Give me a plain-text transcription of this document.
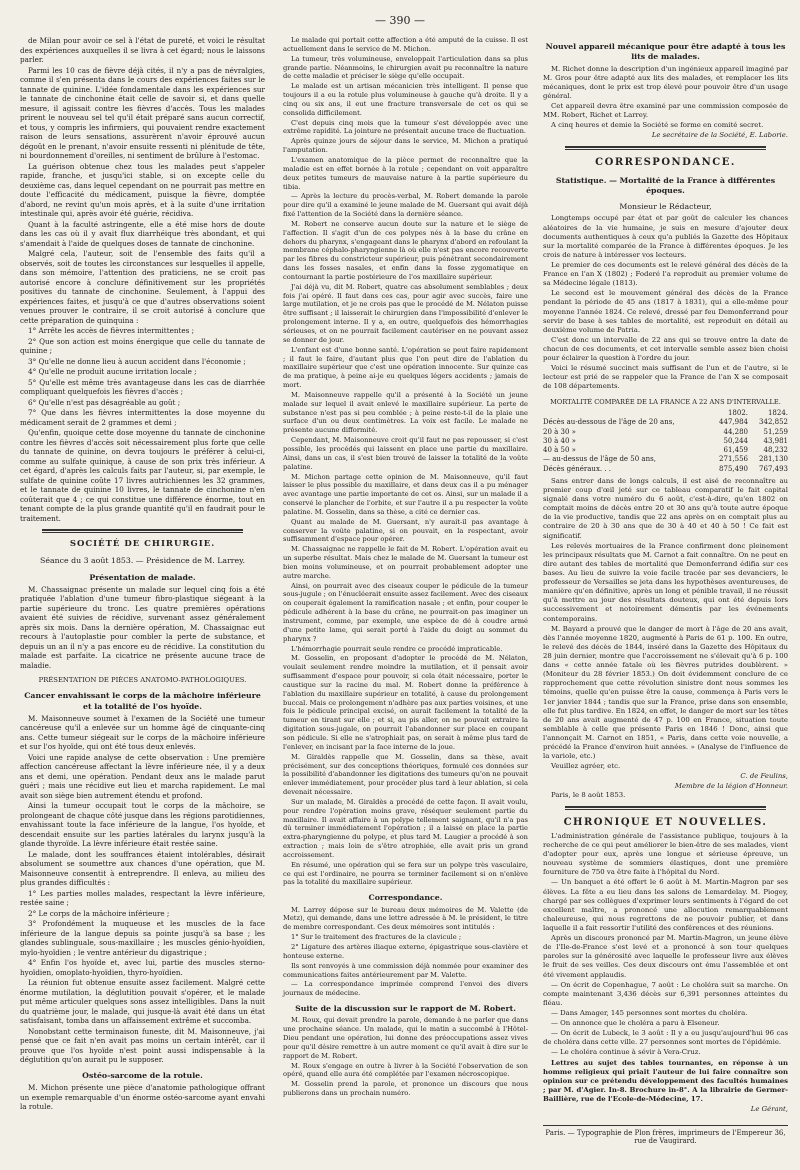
— 390 —

de Milan pour avoir ce sel à l'état de pureté, et voici le résultat des expériences auxquelles il se livra à cet égard; nous le laissons parler.

Parmi les 10 cas de fièvre déjà cités, il n'y a pas de névralgies, comme il s'en présenta dans le cours des expériences faites sur le tannate de quinine. L'idée fondamentale dans les expériences sur le tannate de cinchonine était celle de savoir si, et dans quelle mesure, il agissait contre les fièvres d'accès. Tous les malades prirent le nouveau sel tel qu'il était préparé sans aucun correctif, et tous, y compris les infirmiers, qui pouvaient rendre exactement raison de leurs sensations, assurèrent n'avoir éprouvé aucun dégoût en le prenant, n'avoir ensuite ressenti ni plénitude de tête, ni bourdonnement d'oreilles, ni sentiment de brûlure à l'estomac.

La guérison obtenue chez tous les malades peut s'appeler rapide, franche, et jusqu'ici stable, si on excepte celle du deuxième cas, dans lequel cependant on ne pourrait pas mettre en doute l'efficacité du médicament, puisque la fièvre, domptée d'abord, ne revint qu'un mois après, et à la suite d'une irritation intestinale qui, après avoir été guérie, récidiva.

Quant à la faculté astringente, elle a été mise hors de doute dans les cas où il y avait flux diarrhéique très abondant, et qui s'amendait à l'aide de quelques doses de tannate de cinchonine.

Malgré cela, l'auteur, soit de l'ensemble des faits qu'il a observés, soit de toutes les circonstances sur lesquelles il appelle, dans son mémoire, l'attention des praticiens, ne se croit pas autorisé encore à conclure définitivement sur les propriétés positives du tannate de cinchonine. Seulement, à l'appui des expériences faites, et jusqu'à ce que d'autres observations soient venues prouver le contraire, il se croit autorisé à conclure que cette préparation de quinquina :

1° Arrête les accès de fièvres intermittentes ;

2° Que son action est moins énergique que celle du tannate de quinine ;

3° Qu'elle ne donne lieu à aucun accident dans l'économie ;

4° Qu'elle ne produit aucune irritation locale ;

5° Qu'elle est même très avantageuse dans les cas de diarrhée compliquant quelquefois les fièvres d'accès ;

6° Qu'elle n'est pas désagréable au goût ;

7° Que dans les fièvres intermittentes la dose moyenne du médicament serait de 2 grammes et demi ;

Qu'enfin, quoique cette dose moyenne du tannate de cinchonine contre les fièvres d'accès soit nécessairement plus forte que celle du tannate de quinine, on devra toujours le préférer à celui-ci, comme au sulfate quinique, à cause de son prix très inférieur. A cet égard, d'après les calculs faits par l'auteur, si, par exemple, le sulfate de quinine coûte 17 livres autrichiennes les 32 grammes, et le tannate de quinine 10 livres, le tannate de cinchonine n'en coûterait que 4 ; ce qui constitue une différence énorme, tout en tenant compte de la plus grande quantité qu'il en faudrait pour le traitement.

SOCIÉTÉ DE CHIRURGIE.
Séance du 3 août 1853. — Présidence de M. Larrey.
Présentation de malade.

M. Chassaignac présente un malade sur lequel cinq fois a été pratiquée l'ablation d'une tumeur fibro-plastique siégeant à la partie supérieure du tronc. Les quatre premières opérations avaient été suivies de récidive, survenant assez généralement après six mois. Dans la dernière opération, M. Chassaignac eut recours à l'autoplastie pour combler la perte de substance, et depuis un an il n'y a pas encore eu de récidive. La constitution du malade est parfaite. La cicatrice ne présente aucune trace de maladie.

PRÉSENTATION DE PIÈCES ANATOMO-PATHOLOGIQUES.
Cancer envahissant le corps de la mâchoire inférieure et la totalité de l'os hyoïde.

M. Maisonneuve soumet à l'examen de la Société une tumeur cancéreuse qu'il a enlevée sur un homme âgé de cinquante-cinq ans. Cette tumeur siégeait sur le corps de la mâchoire inférieure et sur l'os hyoïde, qui ont été tous deux enlevés.

Voici une rapide analyse de cette observation : Une première affection cancéreuse affectant la lèvre inférieure née, il y a deux ans et demi, une opération. Pendant deux ans le malade parut guéri ; mais une récidive eut lieu et marcha rapidement. Le mal avait son siège bien autrement étendu et profond.

Ainsi la tumeur occupait tout le corps de la mâchoire, se prolongeant de chaque côté jusque dans les régions parotidiennes, envahissant toute la face inférieure de la langue, l'os hyoïde, et descendait ensuite sur les parties latérales du larynx jusqu'à la glande thyroïde. La lèvre inférieure était restée saine.

Le malade, dont les souffrances étaient intolérables, désirait absolument se soumettre aux chances d'une opération, que M. Maisonneuve consentit à entreprendre. Il enleva, au milieu des plus grandes difficultés :

1° Les parties molles malades, respectant la lèvre inférieure, restée saine ;

2° Le corps de la mâchoire inférieure ;

3° Profondément la muqueuse et les muscles de la face inférieure de la langue depuis sa pointe jusqu'à sa base ; les glandes sublinguale, sous-maxillaire ; les muscles génio-hyoïdien, mylo-hyoïdien ; le ventre antérieur du digastrique ;

4° Enfin l'os hyoïde et, avec lui, partie des muscles sterno-hyoïdien, omoplato-hyoïdien, thyro-hyoïdien.

La réunion fut obtenue ensuite assez facilement. Malgré cette énorme mutilation, la déglutition pouvait s'opérer, et le malade put même articuler quelques sons assez intelligibles. Dans la nuit du quatrième jour, le malade, qui jusque-là avait été dans un état satisfaisant, tomba dans un affaissement extrême et succomba.

Nonobstant cette terminaison funeste, dit M. Maisonneuve, j'ai pensé que ce fait n'en avait pas moins un certain intérêt, car il prouve que l'os hyoïde n'est point aussi indispensable à la déglutition qu'on aurait pu le supposer.

Ostéo-sarcome de la rotule.

M. Michon présente une pièce d'anatomie pathologique offrant un exemple remarquable d'un énorme ostéo-sarcome ayant envahi la rotule.

Le malade qui portait cette affection a été amputé de la cuisse. Il est actuellement dans le service de M. Michon.

La tumeur, très volumineuse, enveloppait l'articulation dans sa plus grande partie. Néanmoins, le chirurgien avait pu reconnaître la nature de cette maladie et préciser le siège qu'elle occupait.

Le malade est un artisan mécanicien très intelligent. Il pense que toujours il a eu la rotule plus volumineuse à gauche qu'à droite. Il y a cinq ou six ans, il eut une fracture transversale de cet os qui se consolida difficilement.

C'est depuis cinq mois que la tumeur s'est développée avec une extrême rapidité. La jointure ne présentait aucune trace de fluctuation.

Après quinze jours de séjour dans le service, M. Michon a pratiqué l'amputation.

L'examen anatomique de la pièce permet de reconnaître que la maladie est en effet bornée à la rotule ; cependant on voit apparaître deux petites tumeurs de mauvaise nature à la partie supérieure du tibia.

— Après la lecture du procès-verbal, M. Robert demande la parole pour dire qu'il a examiné le jeune malade de M. Guersant qui avait déjà fixé l'attention de la Société dans la dernière séance.

M. Robert ne conserve aucun doute sur la nature et le siège de l'affection. Il s'agit d'un de ces polypes nés à la base du crâne en dehors du pharynx, s'engageant dans le pharynx d'abord en refoulant la membrane céphalo-pharyngienne là où elle n'est pas encore recouverte par les fibres du constricteur supérieur, puis pénétrant secondairement dans les fosses nasales, et enfin dans la fosse zygomatique en contournant la partie postérieure de l'os maxillaire supérieur.

J'ai déjà vu, dit M. Robert, quatre cas absolument semblables ; deux fois j'ai opéré. Il faut dans ces cas, pour agir avec succès, faire une large mutilation, et je ne crois pas que le procédé de M. Nélaton puisse être suffisant ; il laisserait le chirurgien dans l'impossibilité d'enlever le prolongement interne. Il y a, en outre, quelquefois des hémorrhagies sérieuses, et on ne pourrait facilement cautériser en ne pouvant assez se donner de jour.

L'enfant est d'une bonne santé. L'opération se peut faire rapidement ; il faut le faire, d'autant plus que l'on peut dire de l'ablation du maxillaire supérieur que c'est une opération innocente. Sur quinze cas de ma pratique, à peine ai-je eu quelques légers accidents ; jamais de mort.

M. Maisonneuve rappelle qu'il a présenté à la Société un jeune malade sur lequel il avait enlevé le maxillaire supérieur. La perte de substance n'est pas si peu comblée ; à peine reste-t-il de la plaie une surface d'un ou deux centimètres. La voix est facile. Le malade ne présente aucune difformité.

Cependant, M. Maisonneuve croit qu'il faut ne pas repousser, si c'est possible, les procédés qui laissent en place une partie du maxillaire. Ainsi, dans un cas, il s'est bien trouvé de laisser la totalité de la voûte palatine.

M. Michon partage cette opinion de M. Maisonneuve, qu'il faut laisser le plus possible du maxillaire, et dans deux cas il a pu ménager avec avantage une partie importante de cet os. Ainsi, sur un malade il a conservé le plancher de l'orbite, et sur l'autre il a pu respecter la voûte palatine. M. Gosselin, dans sa thèse, a cité ce dernier cas.

Quant au malade de M. Guersant, n'y aurait-il pas avantage à conserver la voûte palatine, si on pouvait, en la respectant, avoir suffisamment d'espace pour opérer.

M. Chassaignac ne rappelle le fait de M. Robert. L'opération avait eu un superbe résultat. Mais chez le malade de M. Guersant la tumeur est bien moins volumineuse, et on pourrait probablement adopter une autre marche.

Ainsi, on pourrait avec des ciseaux couper le pédicule de la tumeur sous-jugule ; on l'énucléerait ensuite assez facilement. Avec des ciseaux on couperait également la ramification nasale ; et enfin, pour couper le pédicule adhérent à la base du crâne, ne pourrait-on pas imaginer un instrument, comme, par exemple, une espèce de dé à coudre armé d'une petite lame, qui serait porté à l'aide du doigt au sommet du pharynx ?

L'hémorrhagie pourrait seule rendre ce procédé impraticable.

M. Gosselin, en proposant d'adopter le procédé de M. Nélaton, voulait seulement rendre moindre la mutilation, et il pensait avoir suffisamment d'espace pour pouvoir, si cela était nécessaire, porter le caustique sur la racine du mal. M. Robert donne la préférence à l'ablation du maxillaire supérieur en totalité, à cause du prolongement buccal. Mais ce prolongement n'adhère pas aux parties voisines, et une fois le pédicule principal excisé, on aurait facilement la totalité de la tumeur en tirant sur elle ; et si, au pis aller, on ne pouvait extraire la digitation sous-jugale, on pourrait l'abandonner sur place en coupant son pédicule. Si elle ne s'atrophiait pas, on serait à même plus tard de l'enlever, en incisant par la face interne de la joue.

M. Giraldès rappelle que M. Gosselin, dans sa thèse, avait précisément, sur des conceptions théoriques, formulé ces données sur la possibilité d'abandonner les digitations des tumeurs qu'on ne pouvait enlever immédiatement, pour procéder plus tard à leur ablation, si cela devenait nécessaire.

Sur un malade, M. Giraldès a procédé de cette façon. Il avait voulu, pour rendre l'opération moins grave, réséquer seulement partie du maxillaire. Il avait affaire à un polype tellement saignant, qu'il n'a pas dû terminer immédiatement l'opération ; il a laissé en place la partie extra-pharyngienne du polype, et plus tard M. Laugier a procédé à son extraction ; mais loin de s'être atrophiée, elle avait pris un grand accroissement.

En résumé, une opération qui se fera sur un polype très vasculaire, ce qui est l'ordinaire, ne pourra se terminer facilement si on n'enlève pas la totalité du maxillaire supérieur.

Correspondance.

M. Larrey dépose sur le bureau deux mémoires de M. Valette (de Metz), qui demande, dans une lettre adressée à M. le président, le titre de membre correspondant. Ces deux mémoires sont intitulés :

1° Sur le traitement des fractures de la clavicule ;

2° Ligature des artères iliaque externe, épigastrique sous-clavière et honteuse externe.

Ils sont renvoyés à une commission déjà nommée pour examiner des communications faites antérieurement par M. Valette.

— La correspondance imprimée comprend l'envoi des divers journaux de médecine.

Suite de la discussion sur le rapport de M. Robert.

M. Roux, qui devait prendre la parole, demande à ne parler que dans une prochaine séance. Un malade, qui le matin a succombé à l'Hôtel-Dieu pendant une opération, lui donne des préoccupations assez vives pour qu'il désire remettre à un autre moment ce qu'il avait à dire sur le rapport de M. Robert.

M. Roux s'engage en outre à livrer à la Société l'observation de son opéré, quand elle aura été complétée par l'examen nécroscopique.

M. Gosselin prend la parole, et prononce un discours que nous publierons dans un prochain numéro.

Nouvel appareil mécanique pour être adapté à tous les lits de malades.

M. Richet donne la description d'un ingénieux appareil imaginé par M. Gros pour être adapté aux lits des malades, et remplacer les lits mécaniques, dont le prix est trop élevé pour pouvoir être d'un usage général.

Cet appareil devra être examiné par une commission composée de MM. Robert, Richet et Larrey.

A cinq heures et demie la Société se forme en comité secret.

Le secrétaire de la Société, E. Laborie.
CORRESPONDANCE.
Statistique. — Mortalité de la France à différentes époques.
Monsieur le Rédacteur,

Longtemps occupé par état et par goût de calculer les chances aléatoires de la vie humaine, je suis en mesure d'ajouter deux documents authentiques à ceux qu'a publiés la Gazette des Hôpitaux sur la mortalité comparée de la France à différentes époques. Je les crois de nature à intéresser vos lecteurs.

Le premier de ces documents est le relevé général des décès de la France en l'an X (1802) ; Foderé l'a reproduit au premier volume de sa Médecine légale (1813).

Le second est le mouvement général des décès de la France pendant la période de 45 ans (1817 à 1831), qui a elle-même pour moyenne l'année 1824. Ce relevé, dressé par feu Demonferrand pour servir de base à ses tables de mortalité, est reproduit en détail au deuxième volume de Patria.

C'est donc un intervalle de 22 ans qui se trouve entre la date de chacun de ces documents, et cet intervalle semble assez bien choisi pour éclairer la question à l'ordre du jour.

Voici le résumé succinct mais suffisant de l'un et de l'autre, si le lecteur est prié de se rappeler que la France de l'an X se composait de 108 départements.

MORTALITÉ COMPARÉE DE LA FRANCE A 22 ANS D'INTERVALLE.
1802.	1824.
Décès au-dessous de l'âge de 20 ans,	447,984	342,852
20 à 30 »	44,280	51,259
30 à 40 »	50,244	43,981
40 à 50 »	61,459	48,232
— au-dessus de l'âge de 50 ans,	271,556	281,130
Décès généraux. . .	875,490	767,493

Sans entrer dans de longs calculs, il est aisé de reconnaître au premier coup d'œil jeté sur ce tableau comparatif le fait capital signalé dans votre numéro du 6 août, c'est-à-dire, qu'en 1802 on comptait moins de décès entre 20 et 30 ans qu'à toute autre époque de la vie productive, tandis que 22 ans après on en comptait plus au contraire de 20 à 30 ans que de 30 à 40 et 40 à 50 ! Ce fait est significatif.

Les relevés mortuaires de la France confirment donc pleinement les principaux résultats que M. Carnot a fait connaître. On ne peut en dire autant des tables de mortalité que Demonferrand édifia sur ces bases. Au lieu de suivre la voie facile tracée par ses devanciers, le professeur de Versailles se jeta dans les hypothèses aventureuses, de manière qu'en définitive, après un long et pénible travail, il ne réussit qu'à mettre au jour des résultats douteux, qui ont été depuis lors successivement et notoirement démentis par les événements contemporains.

M. Bayard a prouvé que le danger de mort à l'âge de 20 ans avait, dès l'année moyenne 1820, augmenté à Paris de 61 p. 100. En outre, le relevé des décès de 1844, inséré dans la Gazette des Hôpitaux du 28 juin dernier, montre que l'accroissement ne s'élevait qu'à 6 p. 100 dans « cette année fatale où les fièvres putrides doublèrent. » (Moniteur du 28 février 1853.) On doit évidemment conclure de ce rapprochement que cette révolution sinistre dont nous sommes les témoins, quelle qu'en puisse être la cause, commença à Paris vers le 1er janvier 1844 ; tandis que sur la France, prise dans son ensemble, elle fut plus tardive. En 1824, en effet, le danger de mort sur les têtes de 20 ans avait augmenté de 47 p. 100 en France, situation toute semblable à celle que présente Paris en 1846 ! Donc, ainsi que l'annonçait M. Carnot en 1851, « Paris, dans cette voie nouvelle, a précédé la France d'environ huit années. » (Analyse de l'influence de la variole, etc.)

Veuillez agréer, etc.

C. de Feulins,
Membre de la légion d'Honneur.

Paris, le 8 août 1853.

CHRONIQUE ET NOUVELLES.

L'administration générale de l'assistance publique, toujours à la recherche de ce qui peut améliorer le bien-être de ses malades, vient d'adopter pour eux, après une longue et sérieuse épreuve, un nouveau système de sommiers élastiques, dont une première fourniture de 750 va être faite à l'hôpital du Nord.

— Un banquet a été offert le 6 août à M. Martin-Magron par ses élèves. La fête a eu lieu dans les salons de Lemardelay. M. Piogey, chargé par ses collègues d'exprimer leurs sentiments à l'égard de cet excellent maître, a prononcé une allocution remarquablement chaleureuse, qui nous regrettons de ne pouvoir publier, et dans laquelle il a fait ressortir l'utilité des conférences et des réunions.

Après un discours prononcé par M. Martin-Magron, un jeune élève de l'Ile-de-France s'est levé et a prononcé à son tour quelques paroles sur la générosité avec laquelle le professeur livre aux élèves le fruit de ses veilles. Ces deux discours ont ému l'assemblée et ont été vivement applaudis.

— On écrit de Copenhague, 7 août : Le choléra suit sa marche. On compte maintenant 3,436 décès sur 6,391 personnes atteintes du fléau.

— Dans Amager, 145 personnes sont mortes du choléra.

— On annonce que le choléra a paru à Elseneur.

— On écrit de Lubeck, le 3 août : Il y a eu jusqu'aujourd'hui 96 cas de choléra dans cette ville. 27 personnes sont mortes de l'épidémie.

— Le choléra continue à sévir à Vera-Cruz.

Lettres au sujet des tables tournantes, en réponse à un homme religieux qui priait l'auteur de lui faire connaître son opinion sur ce prétendu développement des facultés humaines ; par M. d'Agier. In-8. Brochure in-8°. A la librairie de Germer-Baillière, rue de l'Ecole-de-Médecine, 17.

Le Gérant,
Paris. — Typographie de Plon frères, imprimeurs de l'Empereur 36, rue de Vaugirard.
